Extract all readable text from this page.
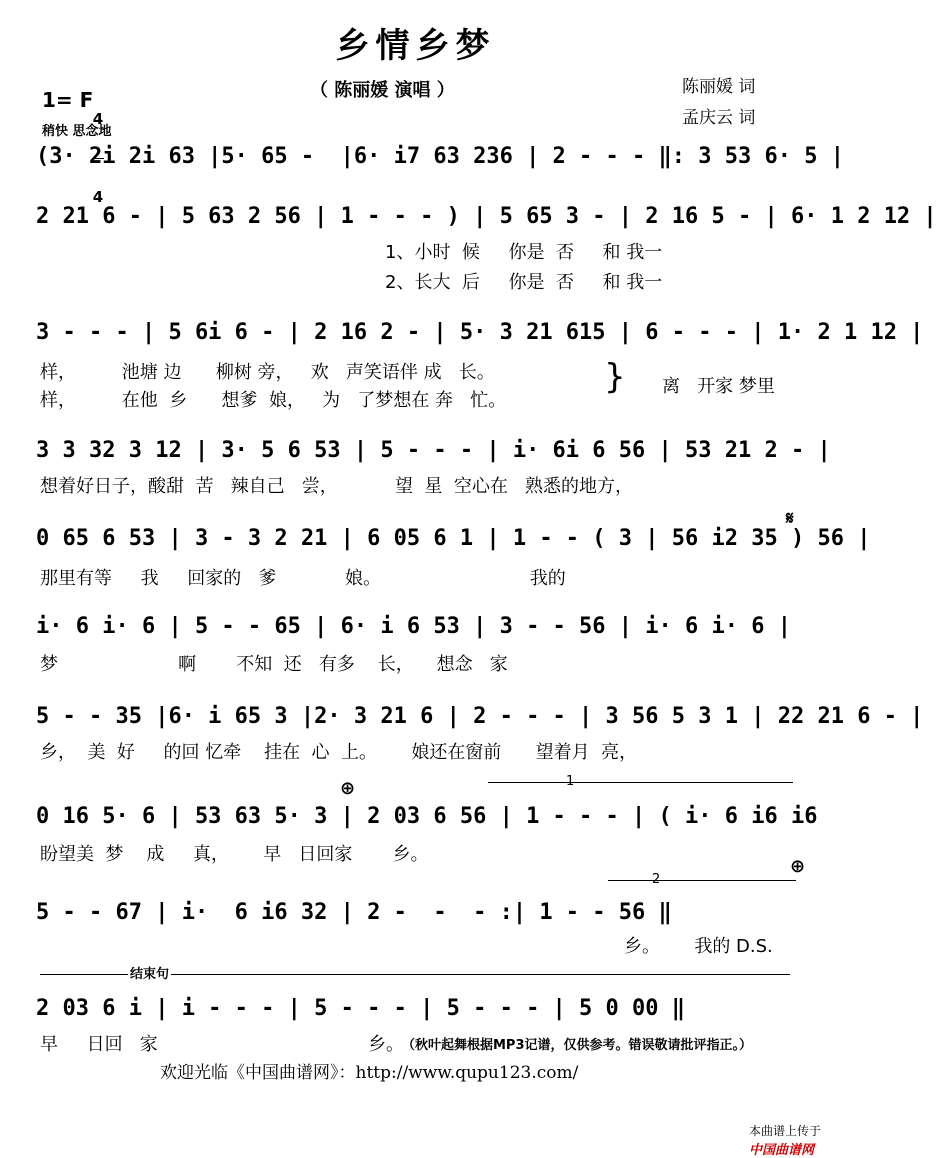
乡情乡梦
（ 陈丽媛 演唱 ）	陈丽媛 词
孟庆云 词
1= F

4

4

稍快 思念地
(3· 2i 2i 63 |5· 65 -  |6· i7 63 236 | 2 - - - ‖: 3 53 6· 5 |
2 21 6 - | 5 63 2 56 | 1 - - - ) | 5 65 3 - | 2 16 5 - | 6· 1 2 12 |
1、小时  候     你是  否     和 我一
2、长大  后     你是  否     和 我一
3 - - - | 5 6i 6 - | 2 16 2 - | 5· 3 21 615 | 6 - - - | 1· 2 1 12 |
样，        池塘 边      柳树 旁，   欢   声笑语伴 成   长。
样，        在他  乡      想爹  娘，   为   了梦想在 奔   忙。
} 离   开家 梦里
3 3 32 3 12 | 3· 5 6 53 | 5 - - - | i· 6i 6 56 | 53 21 2 - |
想着好日子，酸甜  苦   辣自己   尝，          望  星  空心在   熟悉的地方，
𝄋
0 65 6 53 | 3 - 3 2 21 | 6 05 6 1 | 1 - - ( 3 | 56 i2 35 ) 56 |
那里有等     我     回家的   爹            娘。                          我的
i· 6 i· 6 | 5 - - 65 | 6· i 6 53 | 3 - - 56 | i· 6 i· 6 |
梦                     啊       不知  还   有多    长，    想念   家
5 - - 35 |6· i 65 3 |2· 3 21 6 | 2 - - - | 3 56 5 3 1 | 22 21 6 - |
乡，  美  好     的回 忆牵    挂在  心  上。      娘还在窗前      望着月  亮，
1
⊕
0 16 5· 6 | 53 63 5· 3 | 2 03 6 56 | 1 - - - | ( i· 6 i6 i6
盼望美  梦    成     真，      早   日回家       乡。
2
⊕
5 - - 67 | i·  6 i6 32 | 2 -  -  - :| 1 - - 56 ‖
乡。      我的 D.S.
结束句
2 03 6 i | i - - - | 5 - - - | 5 - - - | 5 0 00 ‖
早     日回   家	乡。
（秋叶起舞根据MP3记谱，仅供参考。错误敬请批评指正。）
欢迎光临《中国曲谱网》：http://www.qupu123.com/

本曲谱上传于
中国曲谱网
